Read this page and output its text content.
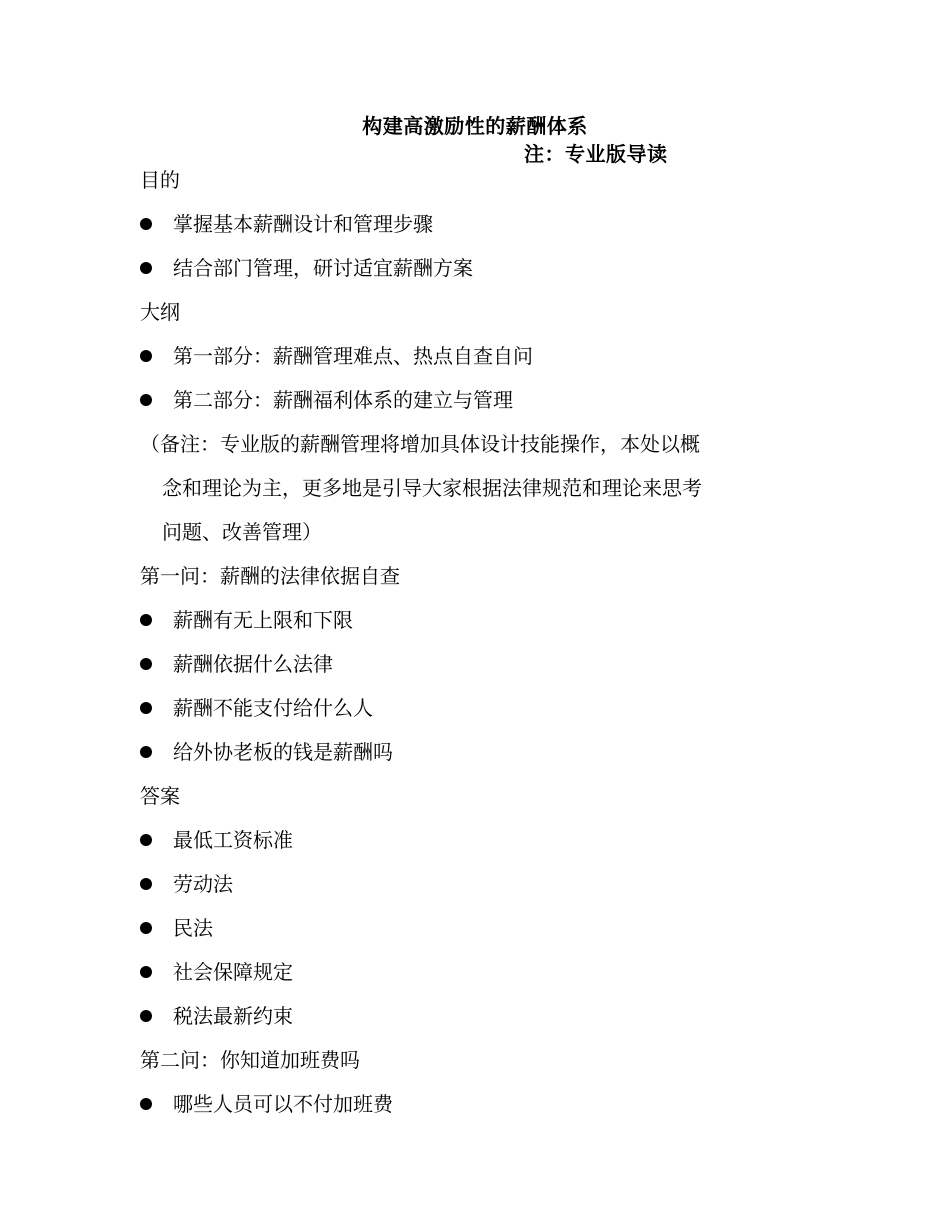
构建高激励性的薪酬体系
注：专业版导读
目的
掌握基本薪酬设计和管理步骤
结合部门管理，研讨适宜薪酬方案
大纲
第一部分：薪酬管理难点、热点自查自问
第二部分：薪酬福利体系的建立与管理
（备注：专业版的薪酬管理将增加具体设计技能操作，本处以概
念和理论为主，更多地是引导大家根据法律规范和理论来思考
问题、改善管理）
第一问：薪酬的法律依据自查
薪酬有无上限和下限
薪酬依据什么法律
薪酬不能支付给什么人
给外协老板的钱是薪酬吗
答案
最低工资标准
劳动法
民法
社会保障规定
税法最新约束
第二问：你知道加班费吗
哪些人员可以不付加班费
